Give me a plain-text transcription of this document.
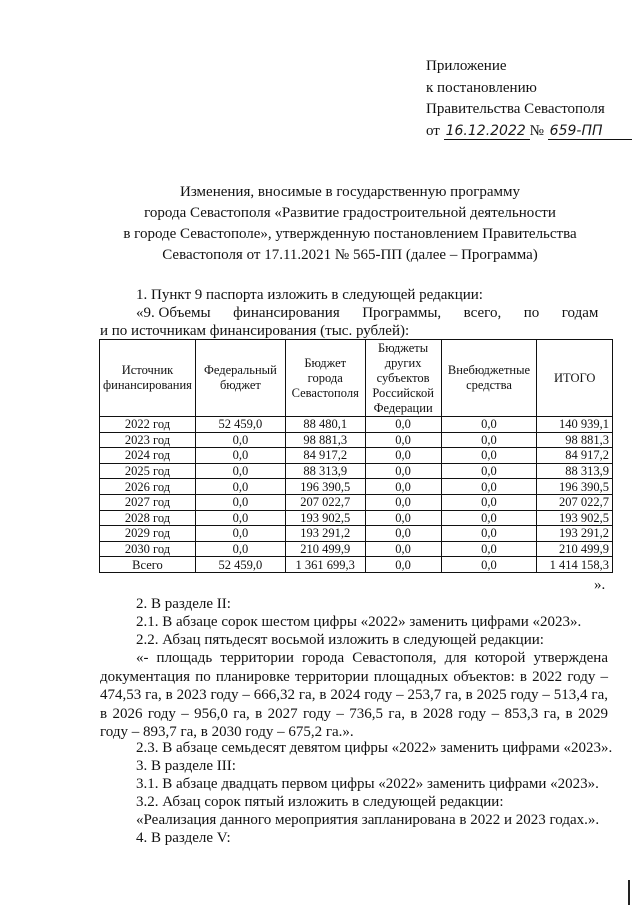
Приложение
к постановлению
Правительства Севастополя
от 16.12.2022 № 659-ПП
Изменения, вносимые в государственную программу
города Севастополя «Развитие градостроительной деятельности
в городе Севастополе», утвержденную постановлением Правительства
Севастополя от 17.11.2021 № 565-ПП (далее – Программа)
1. Пункт 9 паспорта изложить в следующей редакции:
«9. Объемы      финансирования      Программы,      всего,      по      годам
и по источникам финансирования (тыс. рублей):
Источник финансирования	Федеральный бюджет	Бюджет города Севастополя	Бюджеты других субъектов Российской Федерации	Внебюджетные средства	ИТОГО
2022 год	52 459,0	88 480,1	0,0	0,0	140 939,1
2023 год	0,0	98 881,3	0,0	0,0	98 881,3
2024 год	0,0	84 917,2	0,0	0,0	84 917,2
2025 год	0,0	88 313,9	0,0	0,0	88 313,9
2026 год	0,0	196 390,5	0,0	0,0	196 390,5
2027 год	0,0	207 022,7	0,0	0,0	207 022,7
2028 год	0,0	193 902,5	0,0	0,0	193 902,5
2029 год	0,0	193 291,2	0,0	0,0	193 291,2
2030 год	0,0	210 499,9	0,0	0,0	210 499,9
Всего	52 459,0	1 361 699,3	0,0	0,0	1 414 158,3
».
2. В разделе II:
2.1. В абзаце сорок шестом цифры «2022» заменить цифрами «2023».
2.2. Абзац пятьдесят восьмой изложить в следующей редакции:
«- площадь территории города Севастополя, для которой утверждена документация по планировке территории площадных объектов: в 2022 году – 474,53 га, в 2023 году – 666,32 га, в 2024 году – 253,7 га, в 2025 году – 513,4 га, в 2026 году – 956,0 га, в 2027 году – 736,5 га, в 2028 году – 853,3 га, в 2029 году – 893,7 га, в 2030 году – 675,2 га.».
2.3. В абзаце семьдесят девятом цифры «2022» заменить цифрами «2023».
3. В разделе III:
3.1. В абзаце двадцать первом цифры «2022» заменить цифрами «2023».
3.2. Абзац сорок пятый изложить в следующей редакции:
«Реализация данного мероприятия запланирована в 2022 и 2023 годах.».
4. В разделе V:
